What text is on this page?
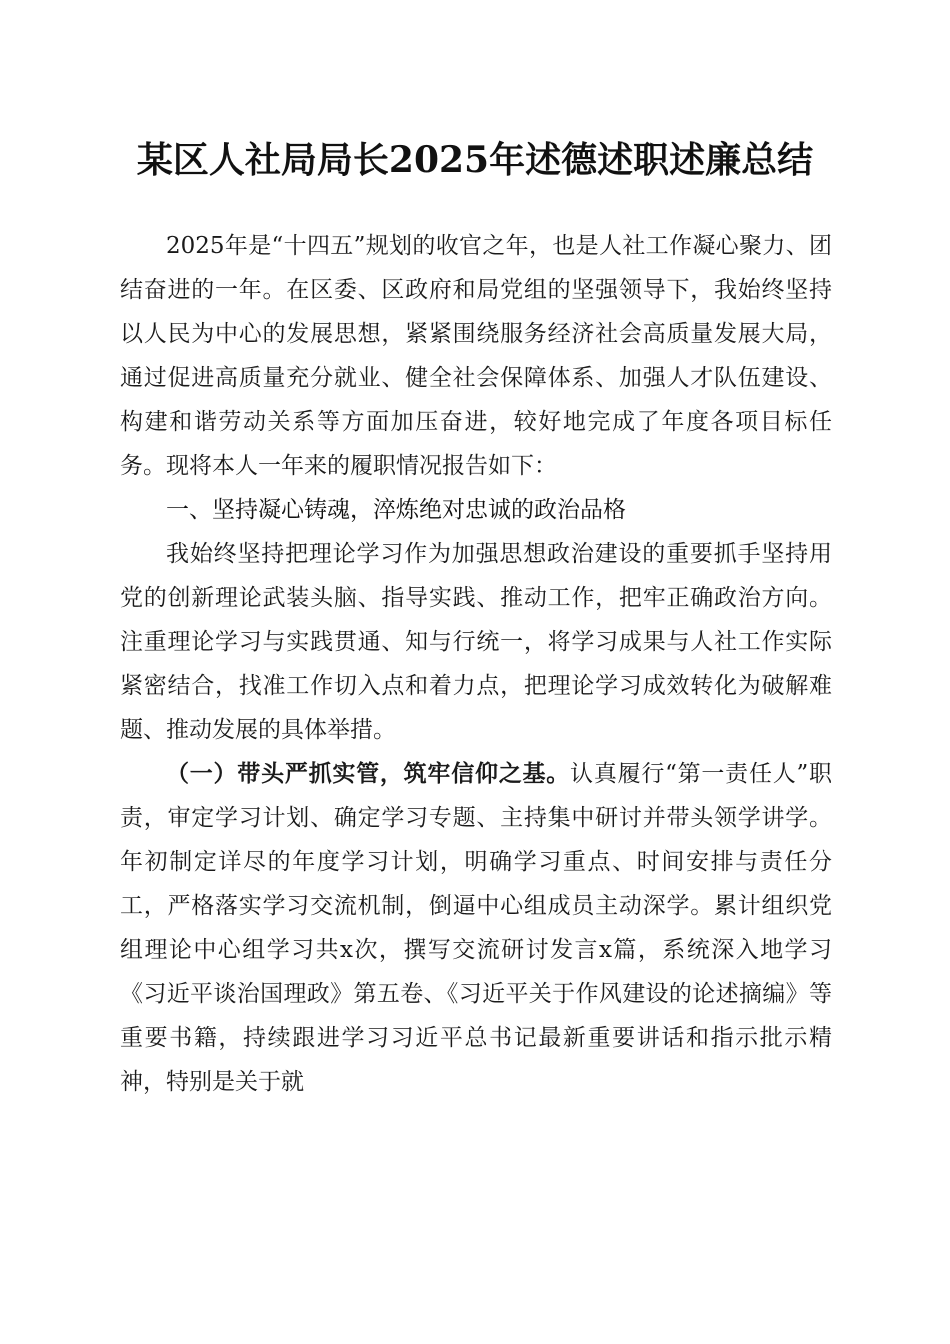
某区人社局局长2025年述德述职述廉总结

2025年是“十四五”规划的收官之年，也是人社工作凝心聚力、团结奋进的一年。在区委、区政府和局党组的坚强领导下，我始终坚持以人民为中心的发展思想，紧紧围绕服务经济社会高质量发展大局，通过促进高质量充分就业、健全社会保障体系、加强人才队伍建设、构建和谐劳动关系等方面加压奋进，较好地完成了年度各项目标任务。现将本人一年来的履职情况报告如下：

一、坚持凝心铸魂，淬炼绝对忠诚的政治品格

我始终坚持把理论学习作为加强思想政治建设的重要抓手坚持用党的创新理论武装头脑、指导实践、推动工作，把牢正确政治方向。注重理论学习与实践贯通、知与行统一，将学习成果与人社工作实际紧密结合，找准工作切入点和着力点，把理论学习成效转化为破解难题、推动发展的具体举措。

（一）带头严抓实管，筑牢信仰之基。认真履行“第一责任人”职责，审定学习计划、确定学习专题、主持集中研讨并带头领学讲学。年初制定详尽的年度学习计划，明确学习重点、时间安排与责任分工，严格落实学习交流机制，倒逼中心组成员主动深学。累计组织党组理论中心组学习共x次，撰写交流研讨发言x篇，系统深入地学习《习近平谈治国理政》第五卷、《习近平关于作风建设的论述摘编》等重要书籍，持续跟进学习习近平总书记最新重要讲话和指示批示精神，特别是关于就
